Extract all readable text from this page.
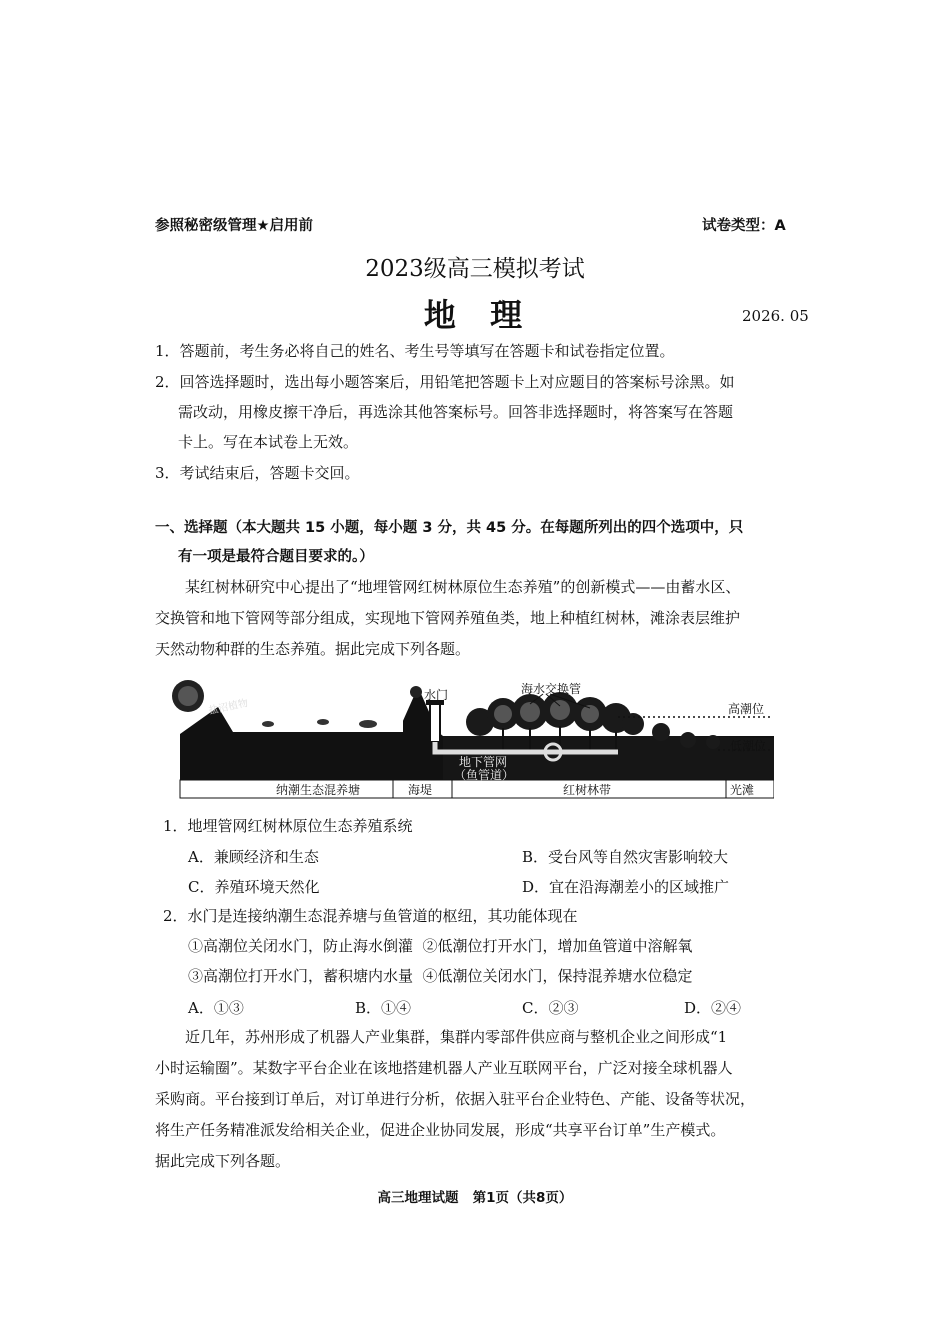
参照秘密级管理★启用前	试卷类型：A
2023级高三模拟考试
地  理	2026. 05
1．答题前，考生务必将自己的姓名、考生号等填写在答题卡和试卷指定位置。
2．回答选择题时，选出每小题答案后，用铅笔把答题卡上对应题目的答案标号涂黑。如
需改动，用橡皮擦干净后，再选涂其他答案标号。回答非选择题时，将答案写在答题
卡上。写在本试卷上无效。
3．考试结束后，答题卡交回。
一、选择题（本大题共 15 小题，每小题 3 分，共 45 分。在每题所列出的四个选项中，只
有一项是最符合题目要求的。）
某红树林研究中心提出了“地埋管网红树林原位生态养殖”的创新模式——由蓄水区、
交换管和地下管网等部分组成，实现地下管网养殖鱼类，地上种植红树林，滩涂表层维护
天然动物种群的生态养殖。据此完成下列各题。
盐沼植物
水门	海水交换管
高潮位
低潮位
地下管网
（鱼管道）
纳潮生态混养塘	海堤	红树林带	光滩
1．地埋管网红树林原位生态养殖系统
A．兼顾经济和生态	B．受台风等自然灾害影响较大
C．养殖环境天然化	D．宜在沿海潮差小的区域推广
2．水门是连接纳潮生态混养塘与鱼管道的枢纽，其功能体现在
①高潮位关闭水门，防止海水倒灌  ②低潮位打开水门，增加鱼管道中溶解氧
③高潮位打开水门，蓄积塘内水量  ④低潮位关闭水门，保持混养塘水位稳定
A．①③	B．①④	C．②③	D．②④
近几年，苏州形成了机器人产业集群，集群内零部件供应商与整机企业之间形成“1
小时运输圈”。某数字平台企业在该地搭建机器人产业互联网平台，广泛对接全球机器人
采购商。平台接到订单后，对订单进行分析，依据入驻平台企业特色、产能、设备等状况，
将生产任务精准派发给相关企业，促进企业协同发展，形成“共享平台订单”生产模式。
据此完成下列各题。
高三地理试题   第1页（共8页）
